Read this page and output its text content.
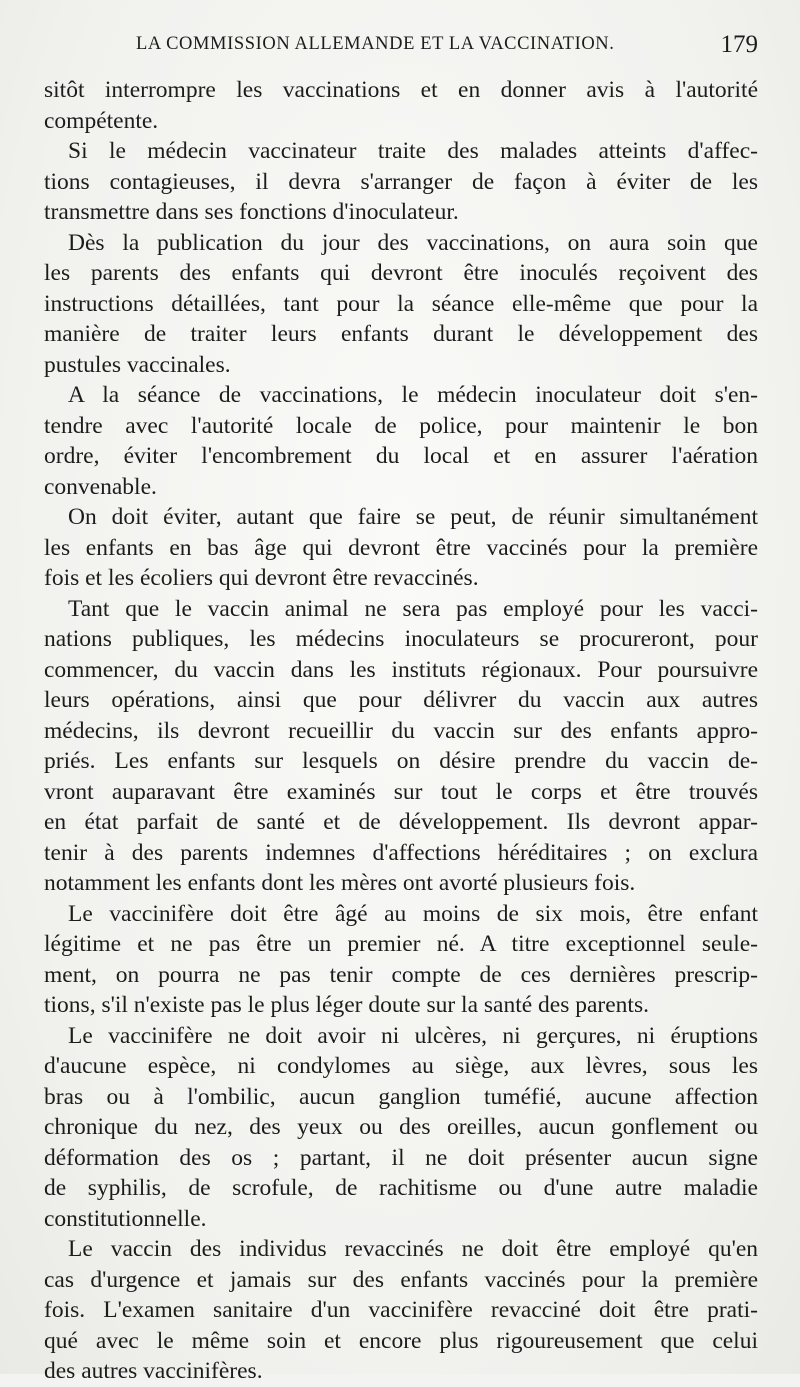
LA COMMISSION ALLEMANDE ET LA VACCINATION.	179
sitôt interrompre les vaccinations et en donner avis à l'autorité
compétente.
Si le médecin vaccinateur traite des malades atteints d'affec-
tions contagieuses, il devra s'arranger de façon à éviter de les
transmettre dans ses fonctions d'inoculateur.
Dès la publication du jour des vaccinations, on aura soin que
les parents des enfants qui devront être inoculés reçoivent des
instructions détaillées, tant pour la séance elle-même que pour la
manière de traiter leurs enfants durant le développement des
pustules vaccinales.
A la séance de vaccinations, le médecin inoculateur doit s'en-
tendre avec l'autorité locale de police, pour maintenir le bon
ordre, éviter l'encombrement du local et en assurer l'aération
convenable.
On doit éviter, autant que faire se peut, de réunir simultanément
les enfants en bas âge qui devront être vaccinés pour la première
fois et les écoliers qui devront être revaccinés.
Tant que le vaccin animal ne sera pas employé pour les vacci-
nations publiques, les médecins inoculateurs se procureront, pour
commencer, du vaccin dans les instituts régionaux. Pour poursuivre
leurs opérations, ainsi que pour délivrer du vaccin aux autres
médecins, ils devront recueillir du vaccin sur des enfants appro-
priés. Les enfants sur lesquels on désire prendre du vaccin de-
vront auparavant être examinés sur tout le corps et être trouvés
en état parfait de santé et de développement. Ils devront appar-
tenir à des parents indemnes d'affections héréditaires ; on exclura
notamment les enfants dont les mères ont avorté plusieurs fois.
Le vaccinifère doit être âgé au moins de six mois, être enfant
légitime et ne pas être un premier né. A titre exceptionnel seule-
ment, on pourra ne pas tenir compte de ces dernières prescrip-
tions, s'il n'existe pas le plus léger doute sur la santé des parents.
Le vaccinifère ne doit avoir ni ulcères, ni gerçures, ni éruptions
d'aucune espèce, ni condylomes au siège, aux lèvres, sous les
bras ou à l'ombilic, aucun ganglion tuméfié, aucune affection
chronique du nez, des yeux ou des oreilles, aucun gonflement ou
déformation des os ; partant, il ne doit présenter aucun signe
de syphilis, de scrofule, de rachitisme ou d'une autre maladie
constitutionnelle.
Le vaccin des individus revaccinés ne doit être employé qu'en
cas d'urgence et jamais sur des enfants vaccinés pour la première
fois. L'examen sanitaire d'un vaccinifère revacciné doit être prati-
qué avec le même soin et encore plus rigoureusement que celui
des autres vaccinifères.
